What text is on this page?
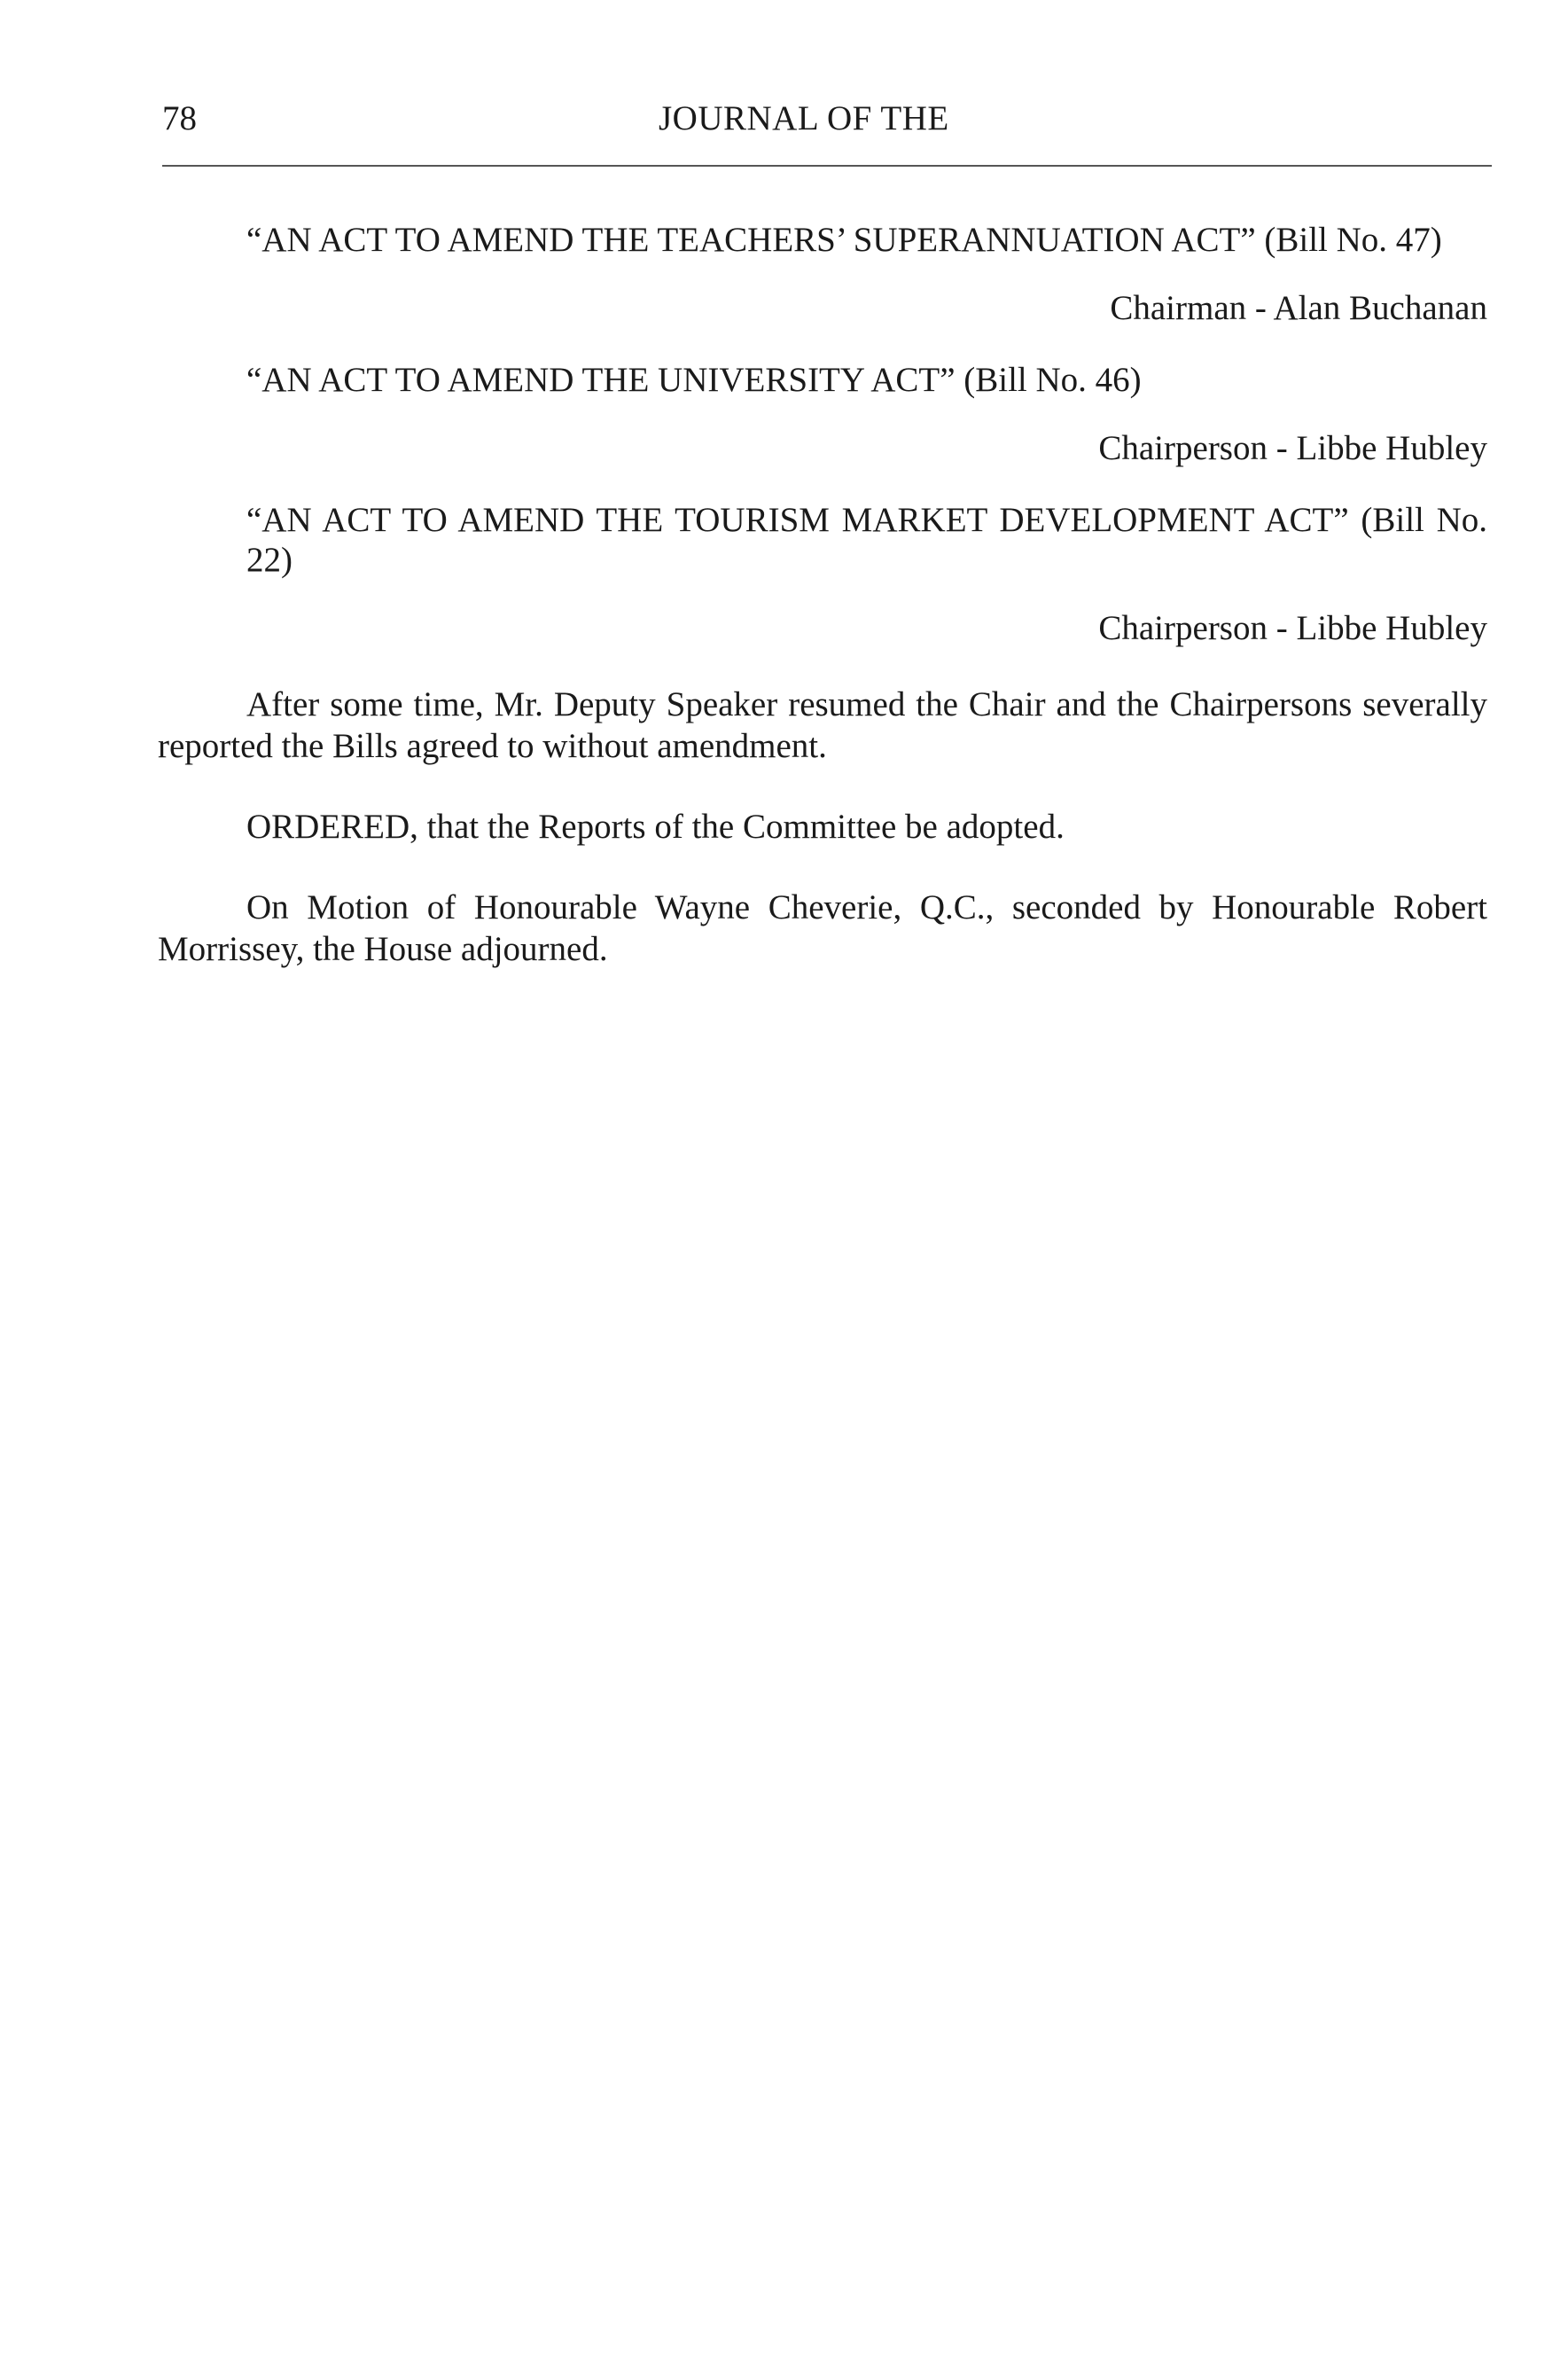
78	JOURNAL OF THE
“AN ACT TO AMEND THE TEACHERS’ SUPERANNUATION ACT” (Bill No. 47)
Chairman - Alan Buchanan
“AN ACT TO AMEND THE UNIVERSITY ACT” (Bill No. 46)
Chairperson - Libbe Hubley
“AN ACT TO AMEND THE TOURISM MARKET DEVELOPMENT ACT” (Bill No. 22)
Chairperson - Libbe Hubley

After some time, Mr. Deputy Speaker resumed the Chair and the Chairpersons severally reported the Bills agreed to without amendment.

ORDERED, that the Reports of the Committee be adopted.

On Motion of Honourable Wayne Cheverie, Q.C., seconded by Honourable Robert Morrissey, the House adjourned.
